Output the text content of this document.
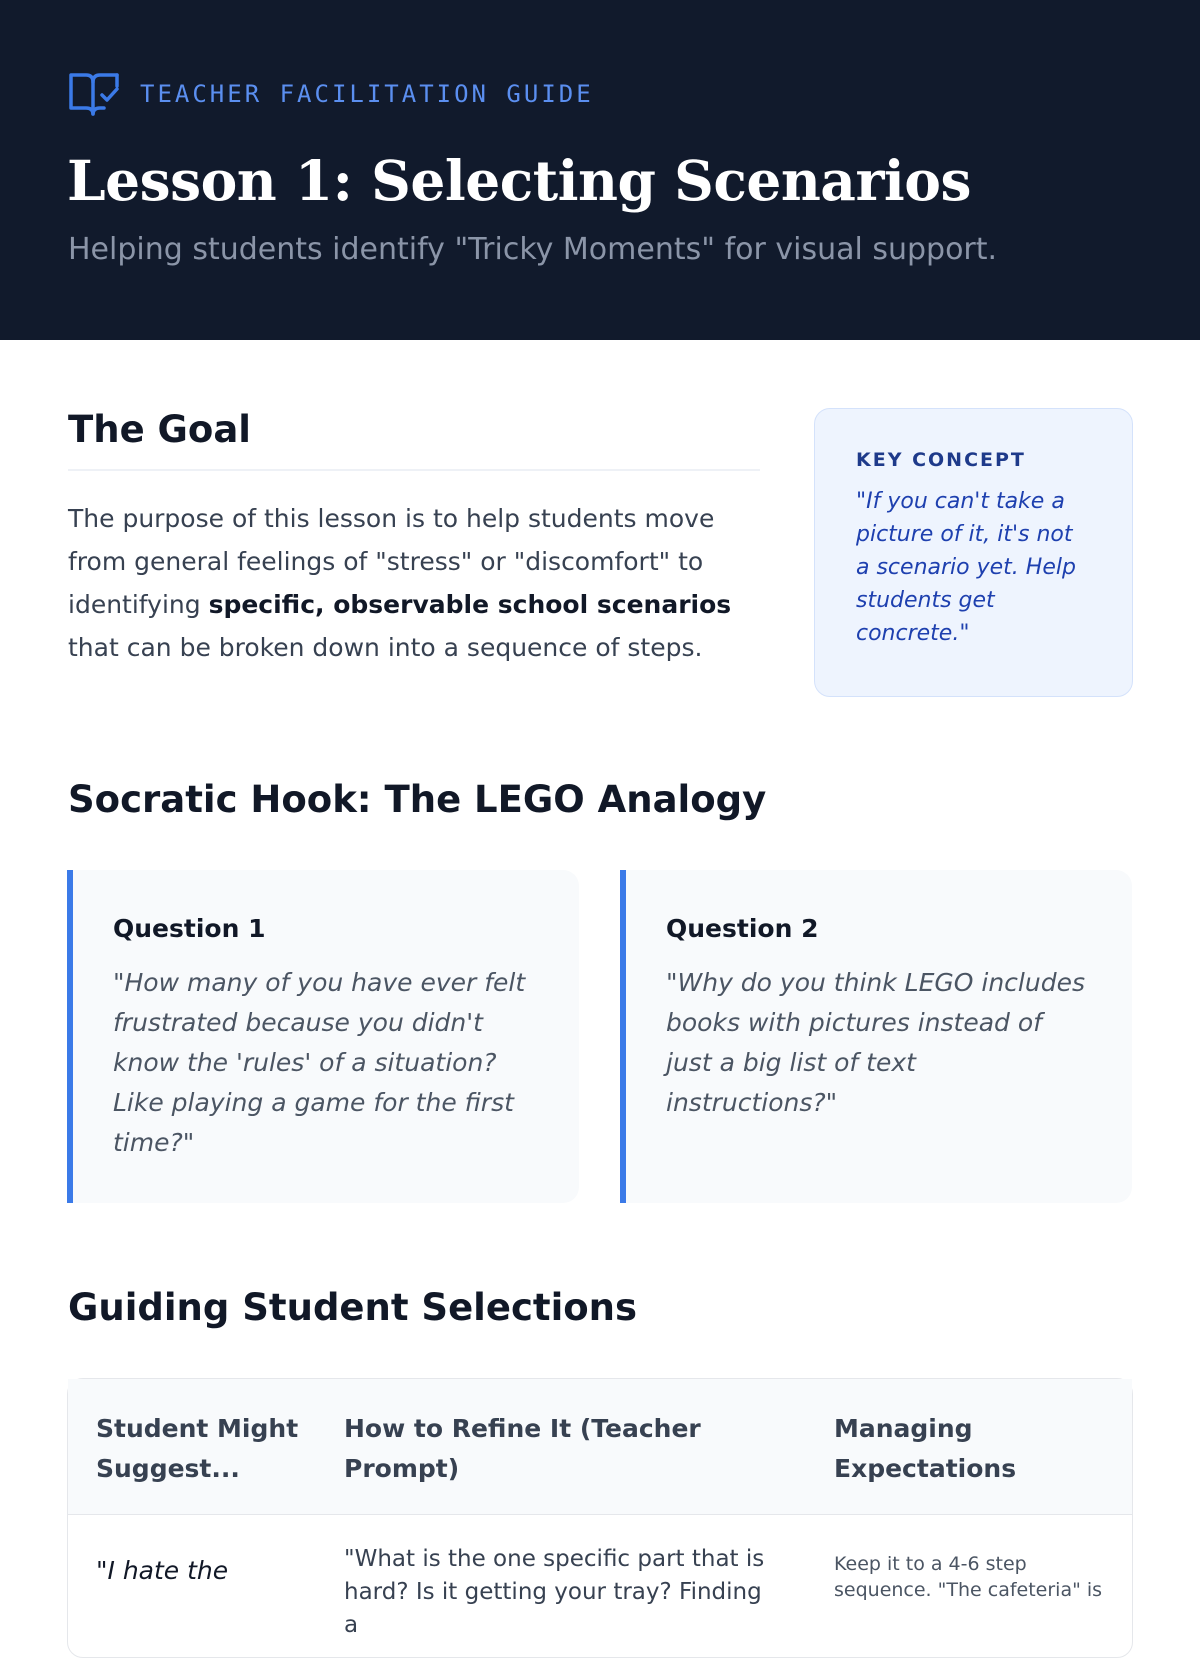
TEACHER FACILITATION GUIDE
Lesson 1: Selecting Scenarios
Helping students identify "Tricky Moments" for visual support.
The Goal

The purpose of this lesson is to help students move from general feelings of "stress" or "discomfort" to identifying specific, observable school scenarios that can be broken down into a sequence of steps.

KEY CONCEPT
"If you can't take a picture of it, it's not a scenario yet. Help students get concrete."
Socratic Hook: The LEGO Analogy
Question 1

"How many of you have ever felt frustrated because you didn't know the 'rules' of a situation? Like playing a game for the first time?"

Question 2

"Why do you think LEGO includes books with pictures instead of just a big list of text instructions?"

Guiding Student Selections
Student Might Suggest...
How to Refine It (Teacher Prompt)
Managing Expectations
"I hate the	"What is the one specific part that is hard? Is it getting your tray? Finding a
Keep it to a 4-6 step sequence. "The cafeteria" is
